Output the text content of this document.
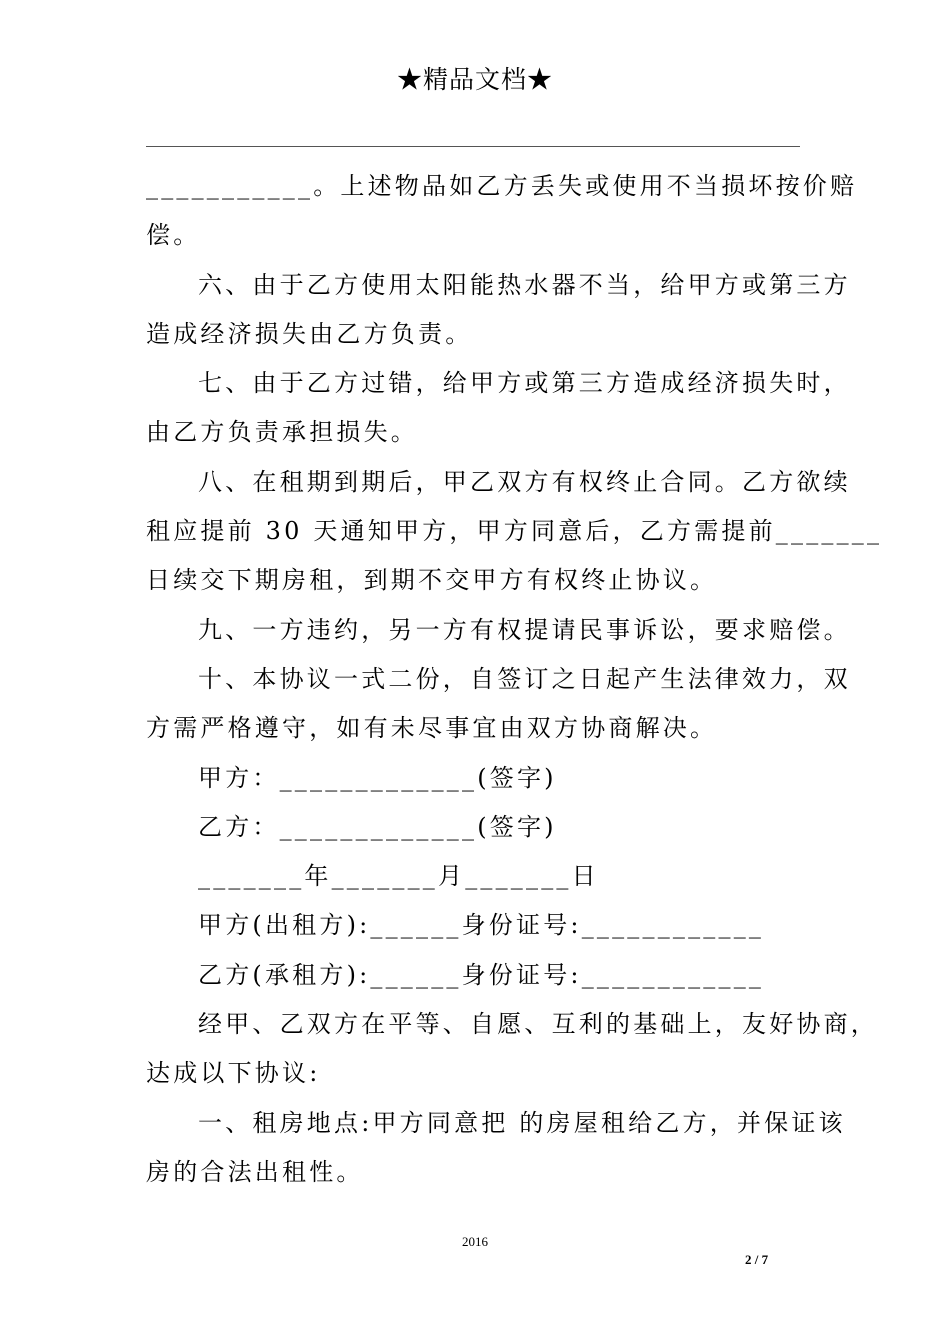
★精品文档★

___________。上述物品如乙方丢失或使用不当损坏按价赔

偿。

六、由于乙方使用太阳能热水器不当，给甲方或第三方

造成经济损失由乙方负责。

七、由于乙方过错，给甲方或第三方造成经济损失时，

由乙方负责承担损失。

八、在租期到期后，甲乙双方有权终止合同。乙方欲续

租应提前 30 天通知甲方，甲方同意后，乙方需提前_______

日续交下期房租，到期不交甲方有权终止协议。

九、一方违约，另一方有权提请民事诉讼，要求赔偿。

十、本协议一式二份，自签订之日起产生法律效力，双

方需严格遵守，如有未尽事宜由双方协商解决。

甲方：_____________(签字)

乙方：_____________(签字)

_______年_______月_______日

甲方(出租方):______身份证号:____________

乙方(承租方):______身份证号:____________

经甲、乙双方在平等、自愿、互利的基础上，友好协商，

达成以下协议:

一、租房地点:甲方同意把 的房屋租给乙方，并保证该

房的合法出租性。

2016
2 / 7
